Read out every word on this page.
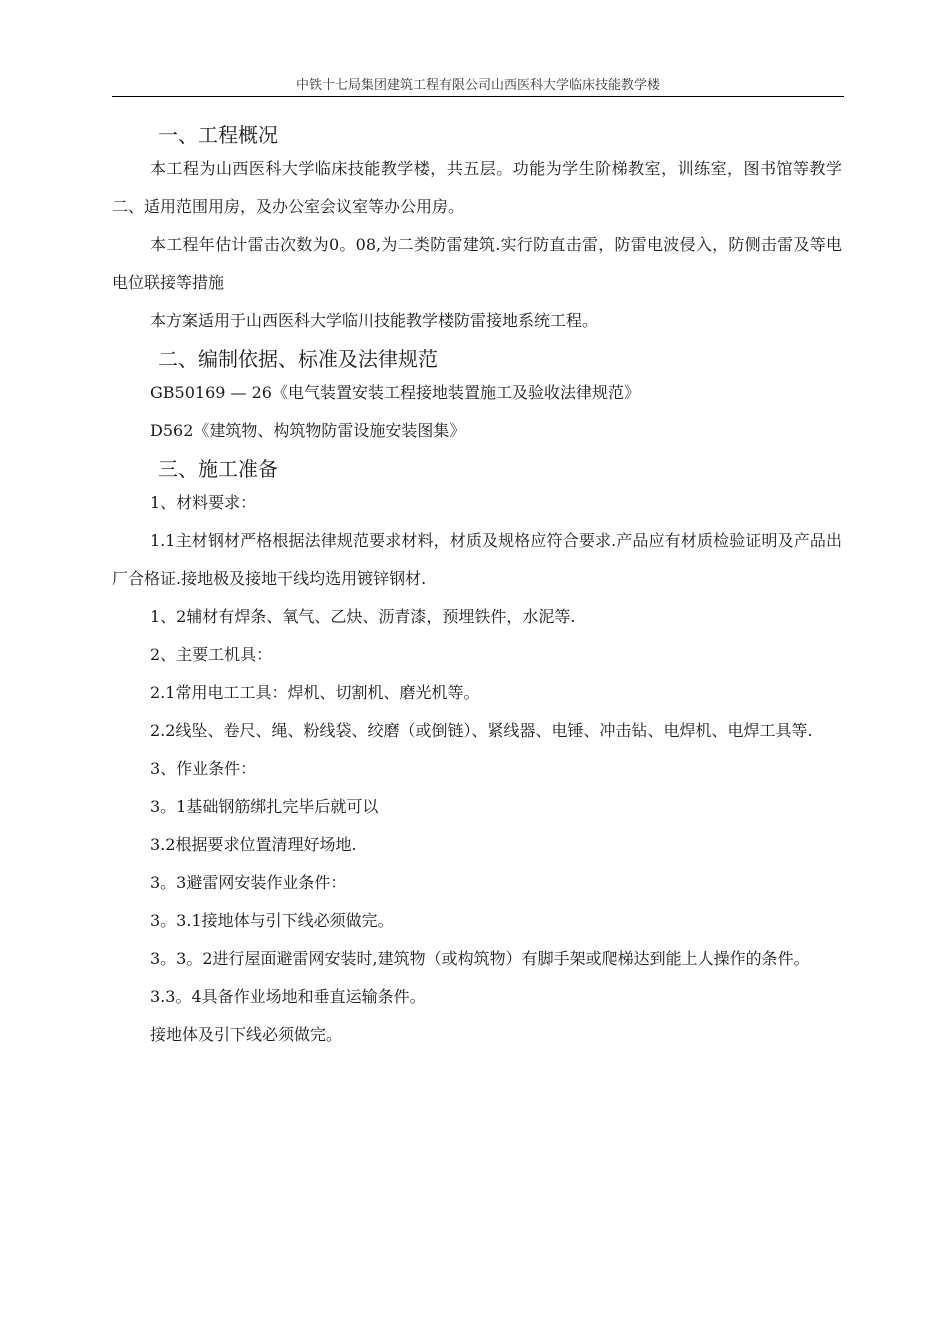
中铁十七局集团建筑工程有限公司山西医科大学临床技能教学楼

一、工程概况

本工程为山西医科大学临床技能教学楼，共五层。功能为学生阶梯教室，训练室，图书馆等教学二、适用范围用房，及办公室会议室等办公用房。

本工程年估计雷击次数为0。08,为二类防雷建筑.实行防直击雷，防雷电波侵入，防侧击雷及等电电位联接等措施

本方案适用于山西医科大学临川技能教学楼防雷接地系统工程。

二、编制依据、标准及法律规范

GB50169 — 26《电气装置安装工程接地装置施工及验收法律规范》

D562《建筑物、构筑物防雷设施安装图集》

三、施工准备

1、材料要求：

1.1主材钢材严格根据法律规范要求材料，材质及规格应符合要求.产品应有材质检验证明及产品出厂合格证.接地极及接地干线均选用镀锌钢材.

1、2辅材有焊条、氧气、乙炔、沥青漆，预埋铁件，水泥等.

2、主要工机具：

2.1常用电工工具：焊机、切割机、磨光机等。

2.2线坠、卷尺、绳、粉线袋、绞磨（或倒链）、紧线器、电锤、冲击钻、电焊机、电焊工具等.

3、作业条件：

3。1基础钢筋绑扎完毕后就可以

3.2根据要求位置清理好场地.

3。3避雷网安装作业条件：

3。3.1接地体与引下线必须做完。

3。3。2进行屋面避雷网安装时,建筑物（或构筑物）有脚手架或爬梯达到能上人操作的条件。

3.3。4具备作业场地和垂直运输条件。

接地体及引下线必须做完。
